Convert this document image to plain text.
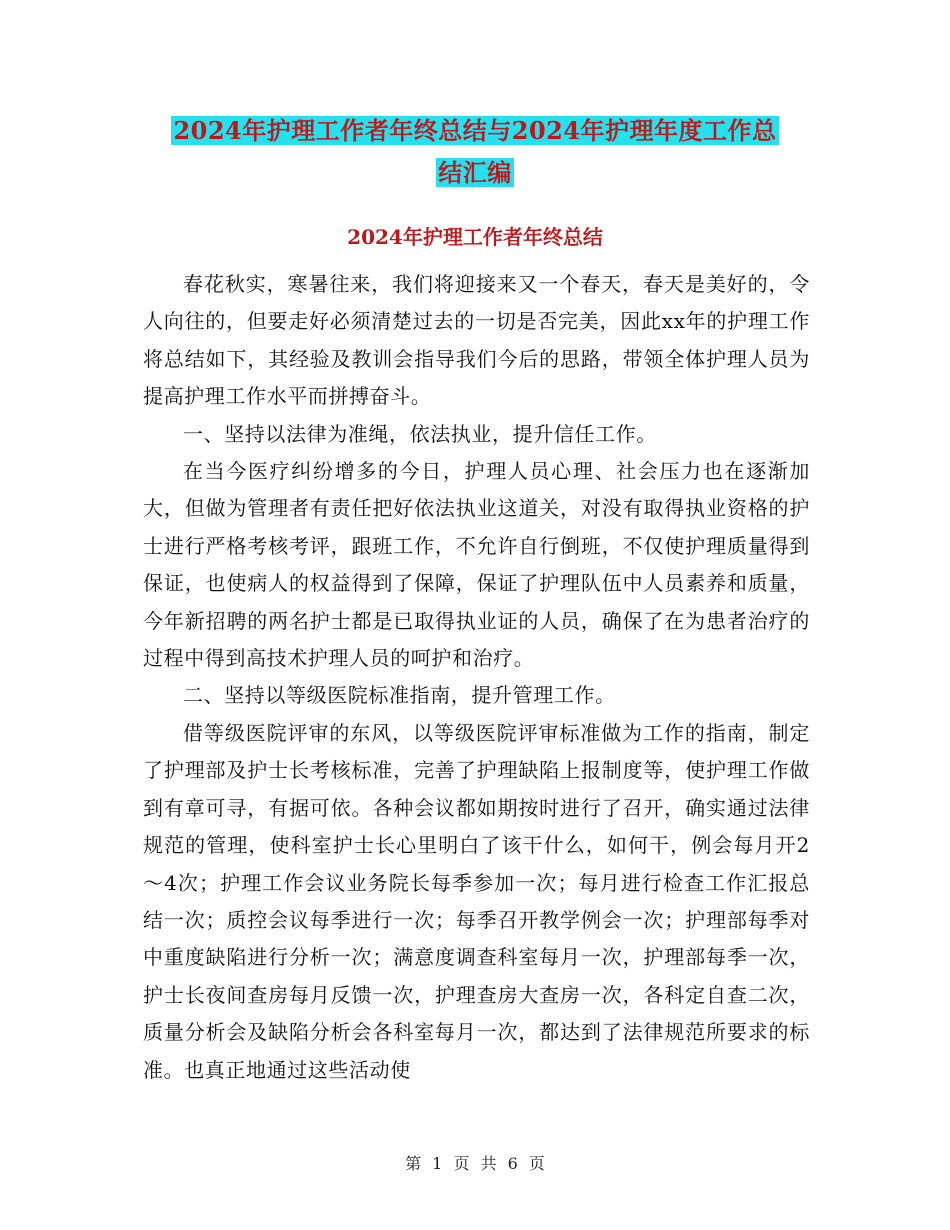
2024年护理工作者年终总结与2024年护理年度工作总
结汇编
2024年护理工作者年终总结

春花秋实，寒暑往来，我们将迎接来又一个春天，春天是美好的，令人向往的，但要走好必须清楚过去的一切是否完美，因此xx年的护理工作将总结如下，其经验及教训会指导我们今后的思路，带领全体护理人员为提高护理工作水平而拼搏奋斗。

一、坚持以法律为准绳，依法执业，提升信任工作。

在当今医疗纠纷增多的今日，护理人员心理、社会压力也在逐渐加大，但做为管理者有责任把好依法执业这道关，对没有取得执业资格的护士进行严格考核考评，跟班工作，不允许自行倒班，不仅使护理质量得到保证，也使病人的权益得到了保障，保证了护理队伍中人员素养和质量，今年新招聘的两名护士都是已取得执业证的人员，确保了在为患者治疗的过程中得到高技术护理人员的呵护和治疗。

二、坚持以等级医院标准指南，提升管理工作。

借等级医院评审的东风，以等级医院评审标准做为工作的指南，制定了护理部及护士长考核标准，完善了护理缺陷上报制度等，使护理工作做到有章可寻，有据可依。各种会议都如期按时进行了召开，确实通过法律规范的管理，使科室护士长心里明白了该干什么，如何干，例会每月开2～4次；护理工作会议业务院长每季参加一次；每月进行检查工作汇报总结一次；质控会议每季进行一次；每季召开教学例会一次；护理部每季对中重度缺陷进行分析一次；满意度调查科室每月一次，护理部每季一次，护士长夜间查房每月反馈一次，护理查房大查房一次，各科定自查二次，质量分析会及缺陷分析会各科室每月一次，都达到了法律规范所要求的标准。也真正地通过这些活动使

第 1 页 共 6 页
